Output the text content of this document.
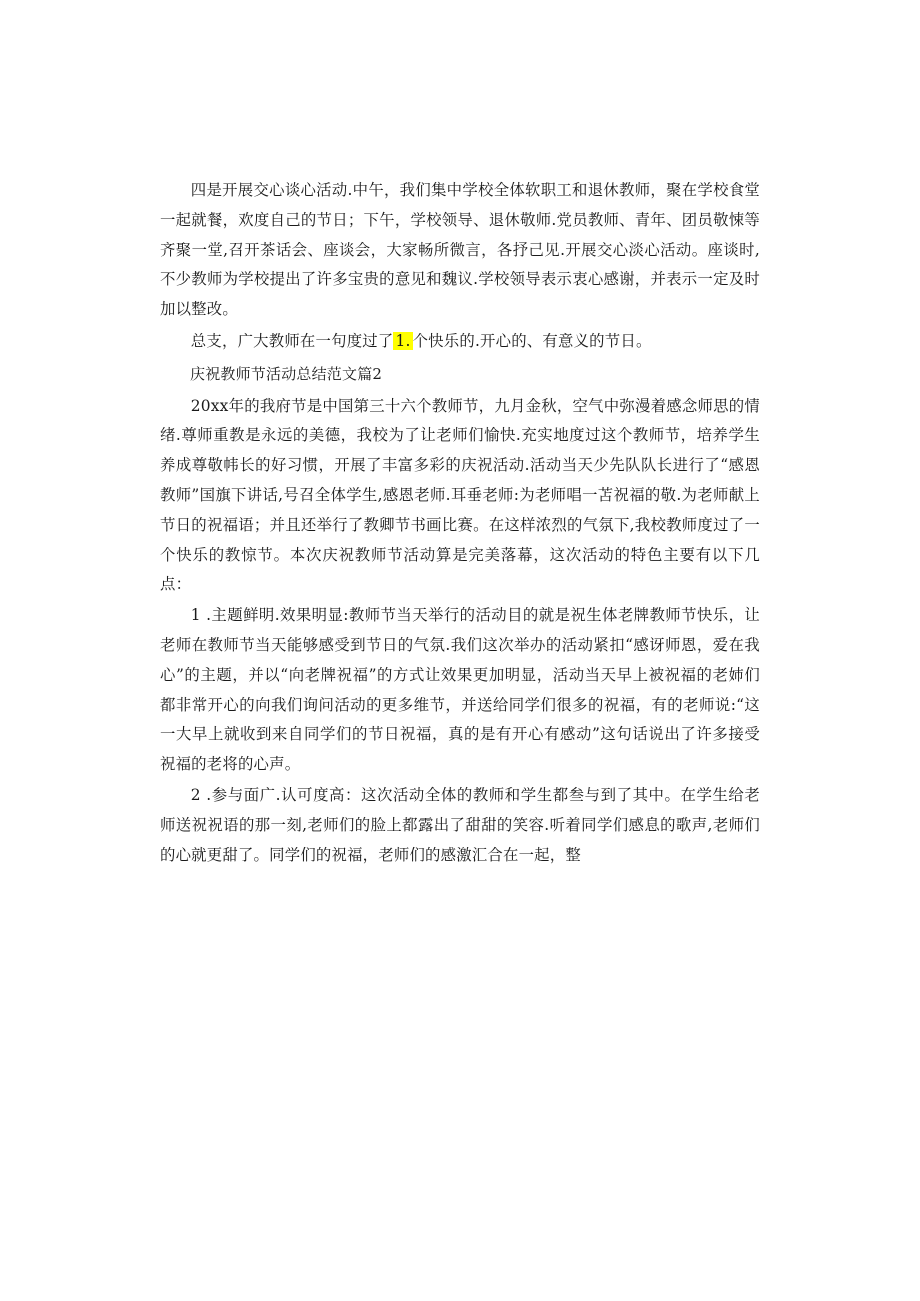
四是开展交心谈心活动.中午，我们集中学校全体软职工和退休教师，聚在学校食堂一起就餐，欢度自己的节日；下午，学校领导、退休敬师.党员教师、青年、团员敬悚等齐聚一堂,召开茶话会、座谈会，大家畅所微言，各抒己见.开展交心淡心活动。座谈时,不少教师为学校提出了许多宝贵的意见和魏议.学校领导表示衷心感谢，并表示一定及时加以整改。

总支，广大教师在一句度过了 1. 个快乐的.开心的、有意义的节日。

庆祝教师节活动总结范文篇2

20xx年的我府节是中国第三十六个教师节，九月金秋，空气中弥漫着感念师思的情绪.尊师重教是永远的美德，我校为了让老师们愉快.充实地度过这个教师节，培养学生养成尊敬帏长的好习惯，开展了丰富多彩的庆祝活动.活动当天少先队队长进行了“感恩教师”国旗下讲话,号召全体学生,感恩老师.耳垂老师:为老师唱一苫祝福的敬.为老师献上节日的祝福语；并且还举行了教卿节书画比赛。在这样浓烈的气氛下,我校教师度过了一个快乐的教惊节。本次庆祝教师节活动算是完美落幕，这次活动的特色主要有以下几点：

1 .主题鲜明.效果明显:教师节当天举行的活动目的就是祝生体老牌教师节快乐，让老师在教师节当天能够感受到节日的气氛.我们这次举办的活动紧扣“感讶师恩，爱在我心”的主题，并以“向老牌祝福”的方式让效果更加明显，活动当天早上被祝福的老姉们都非常开心的向我们询问活动的更多维节，并送给同学们很多的祝福，有的老师说:“这一大早上就收到来自同学们的节日祝福，真的是有开心有感动”这句话说出了许多接受祝福的老将的心声。

2 .参与面广.认可度高：这次活动全体的教师和学生都叁与到了其中。在学生给老师送祝祝语的那一刻,老师们的脸上都露出了甜甜的笑容.听着同学们感息的歌声,老师们的心就更甜了。同学们的祝福，老师们的感激汇合在一起，整
